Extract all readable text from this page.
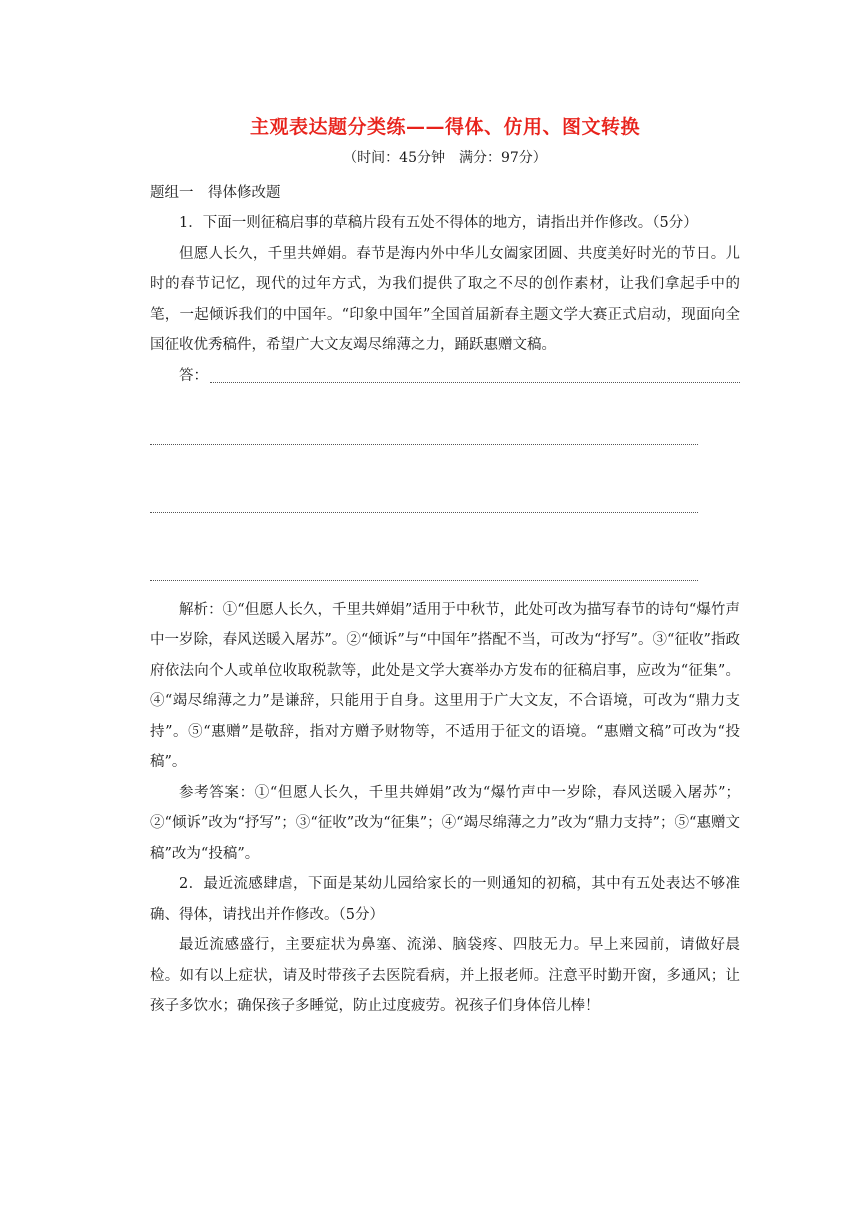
主观表达题分类练——得体、仿用、图文转换
（时间：45分钟　满分：97分）
题组一　得体修改题

1．下面一则征稿启事的草稿片段有五处不得体的地方，请指出并作修改。（5分）

但愿人长久，千里共婵娟。春节是海内外中华儿女阖家团圆、共度美好时光的节日。儿时的春节记忆，现代的过年方式，为我们提供了取之不尽的创作素材，让我们拿起手中的笔，一起倾诉我们的中国年。“印象中国年”全国首届新春主题文学大赛正式启动，现面向全国征收优秀稿件，希望广大文友竭尽绵薄之力，踊跃惠赠文稿。

答：

解析：①“但愿人长久，千里共婵娟”适用于中秋节，此处可改为描写春节的诗句“爆竹声中一岁除，春风送暖入屠苏”。②“倾诉”与“中国年”搭配不当，可改为“抒写”。③“征收”指政府依法向个人或单位收取税款等，此处是文学大赛举办方发布的征稿启事，应改为“征集”。④“竭尽绵薄之力”是谦辞，只能用于自身。这里用于广大文友，不合语境，可改为“鼎力支持”。⑤“惠赠”是敬辞，指对方赠予财物等，不适用于征文的语境。“惠赠文稿”可改为“投稿”。

参考答案：①“但愿人长久，千里共婵娟”改为“爆竹声中一岁除，春风送暖入屠苏”；②“倾诉”改为“抒写”；③“征收”改为“征集”；④“竭尽绵薄之力”改为“鼎力支持”；⑤“惠赠文稿”改为“投稿”。

2．最近流感肆虐，下面是某幼儿园给家长的一则通知的初稿，其中有五处表达不够准确、得体，请找出并作修改。（5分）

最近流感盛行，主要症状为鼻塞、流涕、脑袋疼、四肢无力。早上来园前，请做好晨检。如有以上症状，请及时带孩子去医院看病，并上报老师。注意平时勤开窗，多通风；让孩子多饮水；确保孩子多睡觉，防止过度疲劳。祝孩子们身体倍儿棒！
